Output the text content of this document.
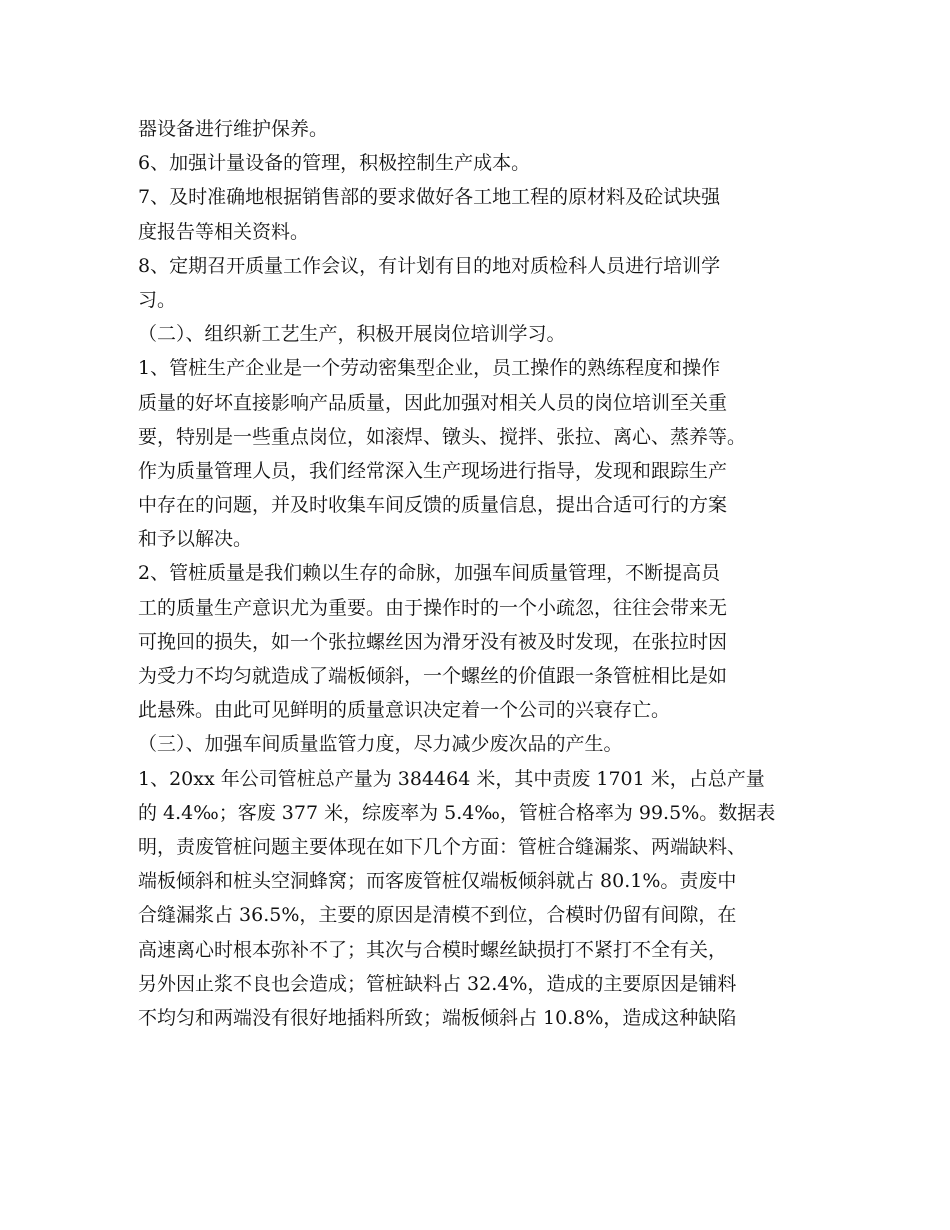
器设备进行维护保养。

6、加强计量设备的管理，积极控制生产成本。

7、及时准确地根据销售部的要求做好各工地工程的原材料及砼试块强

度报告等相关资料。

8、定期召开质量工作会议，有计划有目的地对质检科人员进行培训学

习。

（二）、组织新工艺生产，积极开展岗位培训学习。

1、管桩生产企业是一个劳动密集型企业，员工操作的熟练程度和操作

质量的好坏直接影响产品质量，因此加强对相关人员的岗位培训至关重

要，特别是一些重点岗位，如滚焊、镦头、搅拌、张拉、离心、蒸养等。

作为质量管理人员，我们经常深入生产现场进行指导，发现和跟踪生产

中存在的问题，并及时收集车间反馈的质量信息，提出合适可行的方案

和予以解决。

2、管桩质量是我们赖以生存的命脉，加强车间质量管理，不断提高员

工的质量生产意识尤为重要。由于操作时的一个小疏忽，往往会带来无

可挽回的损失，如一个张拉螺丝因为滑牙没有被及时发现，在张拉时因

为受力不均匀就造成了端板倾斜，一个螺丝的价值跟一条管桩相比是如

此悬殊。由此可见鲜明的质量意识决定着一个公司的兴衰存亡。

（三）、加强车间质量监管力度，尽力减少废次品的产生。

1、20xx 年公司管桩总产量为 384464 米，其中责废 1701 米，占总产量

的 4.4‰；客废 377 米，综废率为 5.4‰，管桩合格率为 99.5%。数据表

明，责废管桩问题主要体现在如下几个方面：管桩合缝漏浆、两端缺料、

端板倾斜和桩头空洞蜂窝；而客废管桩仅端板倾斜就占 80.1%。责废中

合缝漏浆占 36.5%，主要的原因是清模不到位，合模时仍留有间隙，在

高速离心时根本弥补不了；其次与合模时螺丝缺损打不紧打不全有关，

另外因止浆不良也会造成；管桩缺料占 32.4%，造成的主要原因是铺料

不均匀和两端没有很好地插料所致；端板倾斜占 10.8%，造成这种缺陷
